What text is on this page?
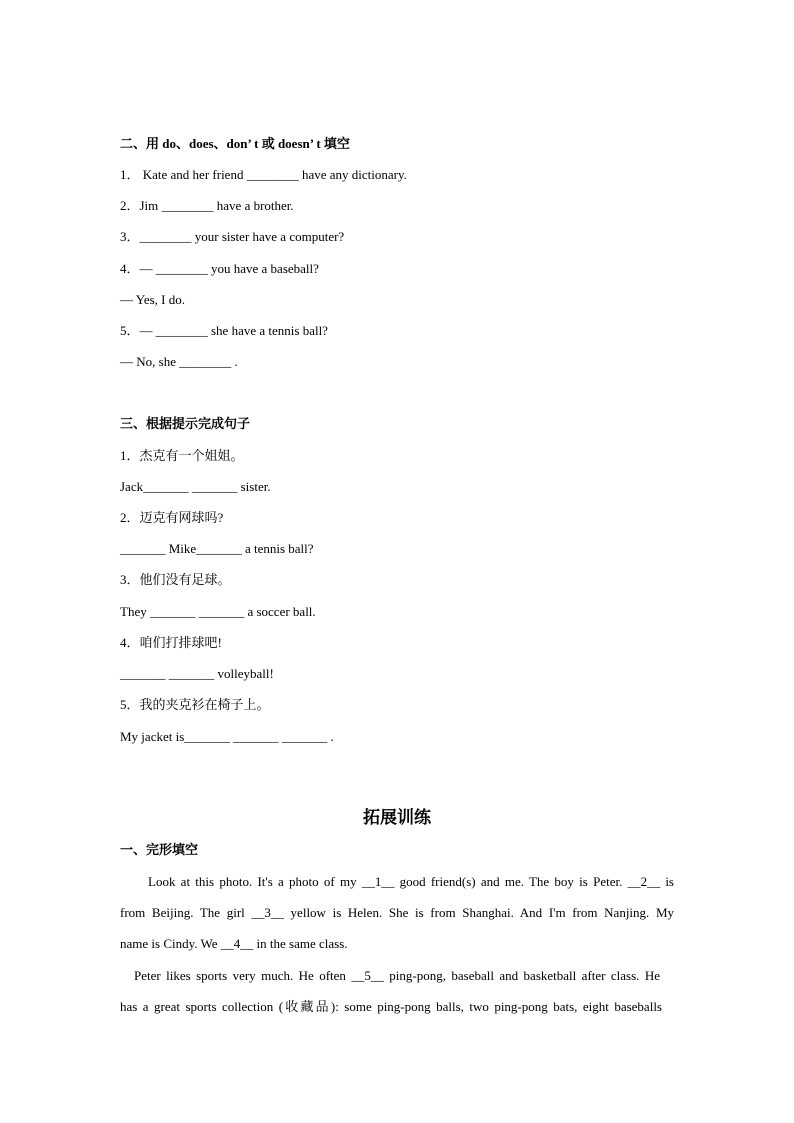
二、用 do、does、don’ t 或 doesn’ t 填空
1． Kate and her friend ________ have any dictionary.
2．Jim ________ have a brother.
3．________ your sister have a computer?
4．— ________ you have a baseball?
— Yes, I do.
5．— ________ she have a tennis ball?
— No, she ________ .
三、根据提示完成句子
1．杰克有一个姐姐。
Jack_______ _______ sister.
2．迈克有网球吗?
_______ Mike_______ a tennis ball?
3．他们没有足球。
They _______ _______ a soccer ball.
4．咱们打排球吧!
_______ _______ volleyball!
5．我的夹克衫在椅子上。
My jacket is_______ _______ _______ .
拓展训练
一、完形填空
Look at this photo. It's a photo of my __1__ good friend(s) and me. The boy is Peter. __2__ is
from Beijing. The girl __3__ yellow is Helen. She is from Shanghai. And I'm from Nanjing. My
name is Cindy. We __4__ in the same class.
Peter likes sports very much. He often __5__ ping-pong, baseball and basketball after class. He
has a great sports collection (收藏品): some ping-pong balls, two ping-pong bats, eight baseballs
